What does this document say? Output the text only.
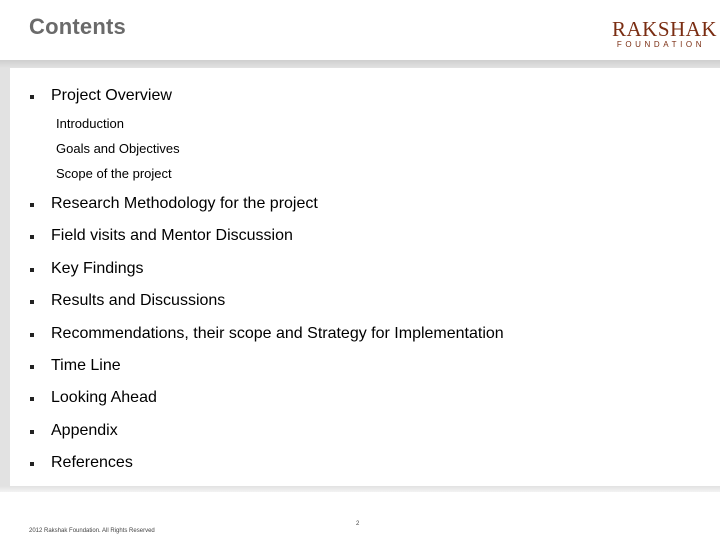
Contents	RAKSHAK
FOUNDATION
Project Overview
Introduction
Goals and Objectives
Scope of the project
Research Methodology for the project
Field visits and Mentor Discussion
Key Findings
Results and Discussions
Recommendations, their scope and Strategy for Implementation
Time Line
Looking Ahead
Appendix
References
2
2012 Rakshak Foundation. All Rights Reserved
